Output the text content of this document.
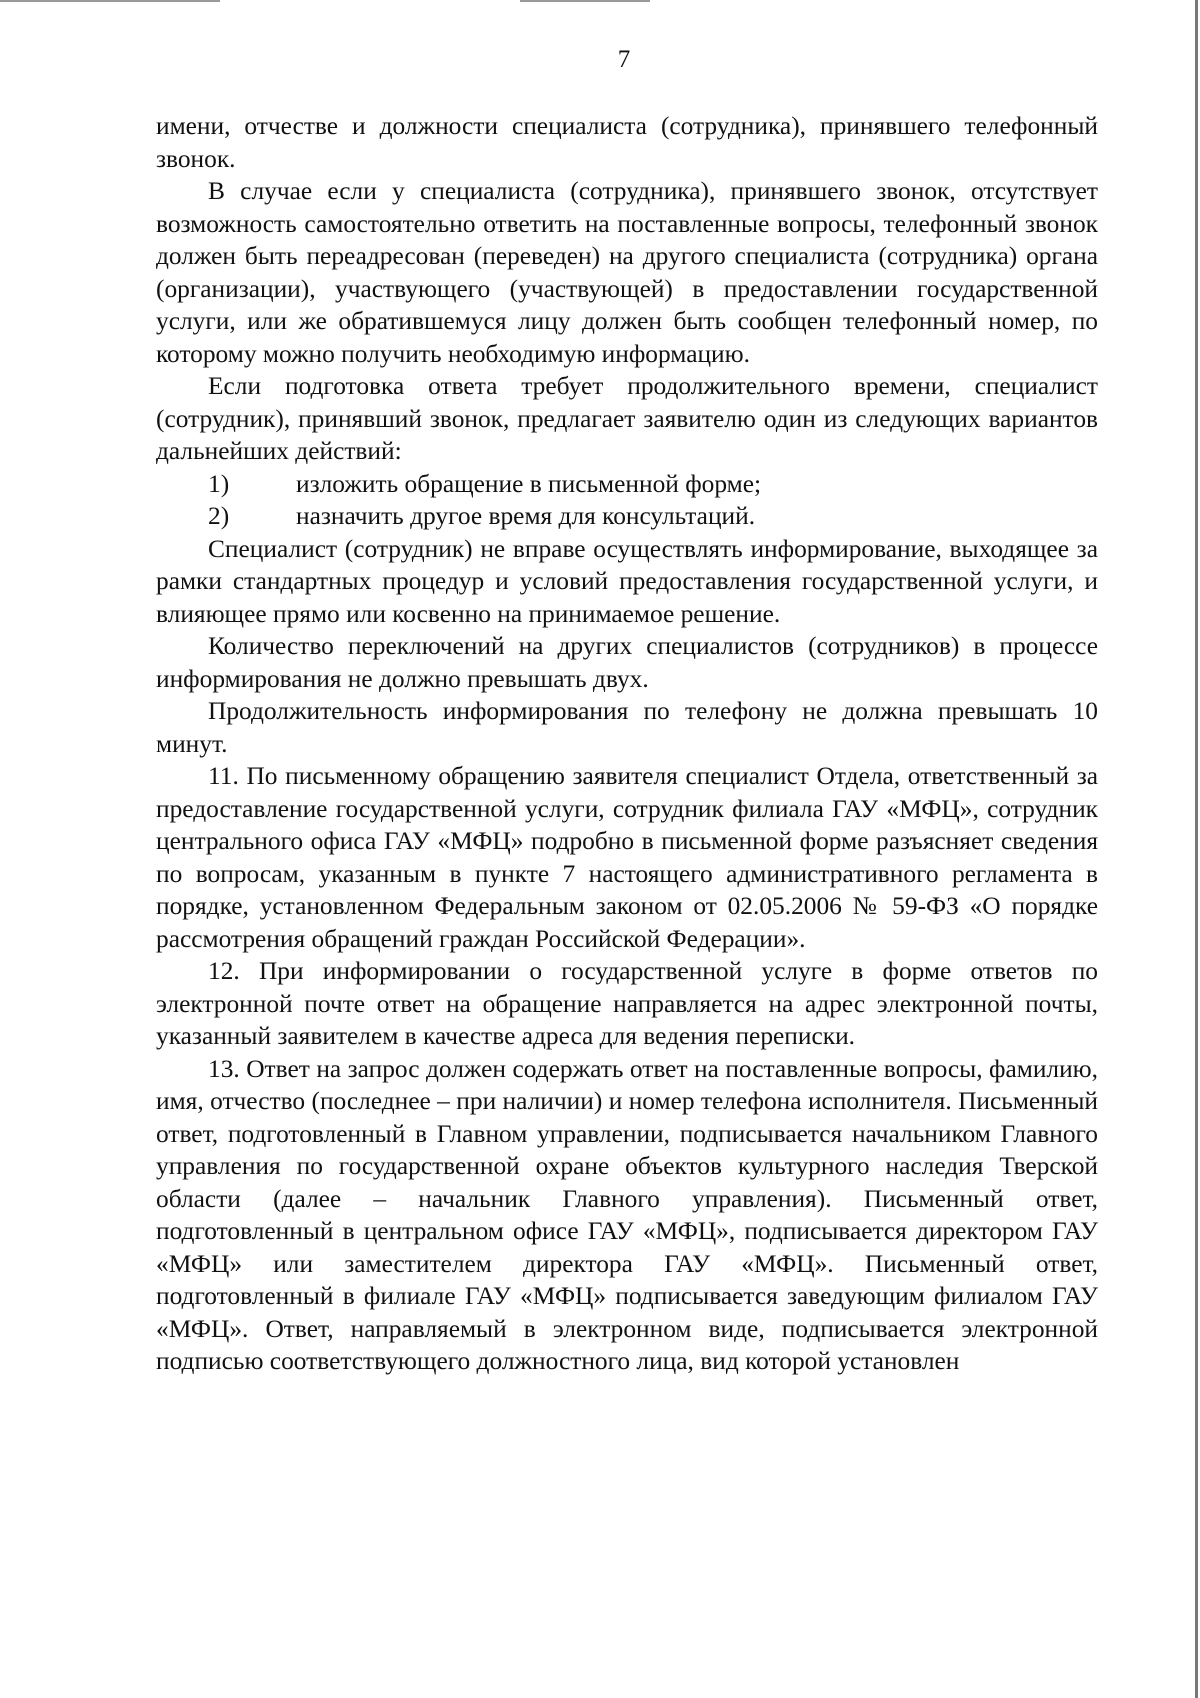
7

имени, отчестве и должности специалиста (сотрудника), принявшего телефонный звонок.

В случае если у специалиста (сотрудника), принявшего звонок, отсутствует возможность самостоятельно ответить на поставленные вопросы, телефонный звонок должен быть переадресован (переведен) на другого специалиста (сотрудника) органа (организации), участвующего (участвующей) в предоставлении государственной услуги, или же обратившемуся лицу должен быть сообщен телефонный номер, по которому можно получить необходимую информацию.

Если подготовка ответа требует продолжительного времени, специалист (сотрудник), принявший звонок, предлагает заявителю один из следующих вариантов дальнейших действий:

1)	изложить обращение в письменной форме;
2)	назначить другое время для консультаций.

Специалист (сотрудник) не вправе осуществлять информирование, выходящее за рамки стандартных процедур и условий предоставления государственной услуги, и влияющее прямо или косвенно на принимаемое решение.

Количество переключений на других специалистов (сотрудников) в процессе информирования не должно превышать двух.

Продолжительность информирования по телефону не должна превышать 10 минут.

11. По письменному обращению заявителя специалист Отдела, ответственный за предоставление государственной услуги, сотрудник филиала ГАУ «МФЦ», сотрудник центрального офиса ГАУ «МФЦ» подробно в письменной форме разъясняет сведения по вопросам, указанным в пункте 7 настоящего административного регламента в порядке, установленном Федеральным законом от 02.05.2006 № 59-ФЗ «О порядке рассмотрения обращений граждан Российской Федерации».

12. При информировании о государственной услуге в форме ответов по электронной почте ответ на обращение направляется на адрес электронной почты, указанный заявителем в качестве адреса для ведения переписки.

13. Ответ на запрос должен содержать ответ на поставленные вопросы, фамилию, имя, отчество (последнее – при наличии) и номер телефона исполнителя. Письменный ответ, подготовленный в Главном управлении, подписывается начальником Главного управления по государственной охране объектов культурного наследия Тверской области (далее – начальник Главного управления). Письменный ответ, подготовленный в центральном офисе ГАУ «МФЦ», подписывается директором ГАУ «МФЦ» или заместителем директора ГАУ «МФЦ». Письменный ответ, подготовленный в филиале ГАУ «МФЦ» подписывается заведующим филиалом ГАУ «МФЦ». Ответ, направляемый в электронном виде, подписывается электронной подписью соответствующего должностного лица, вид которой установлен
